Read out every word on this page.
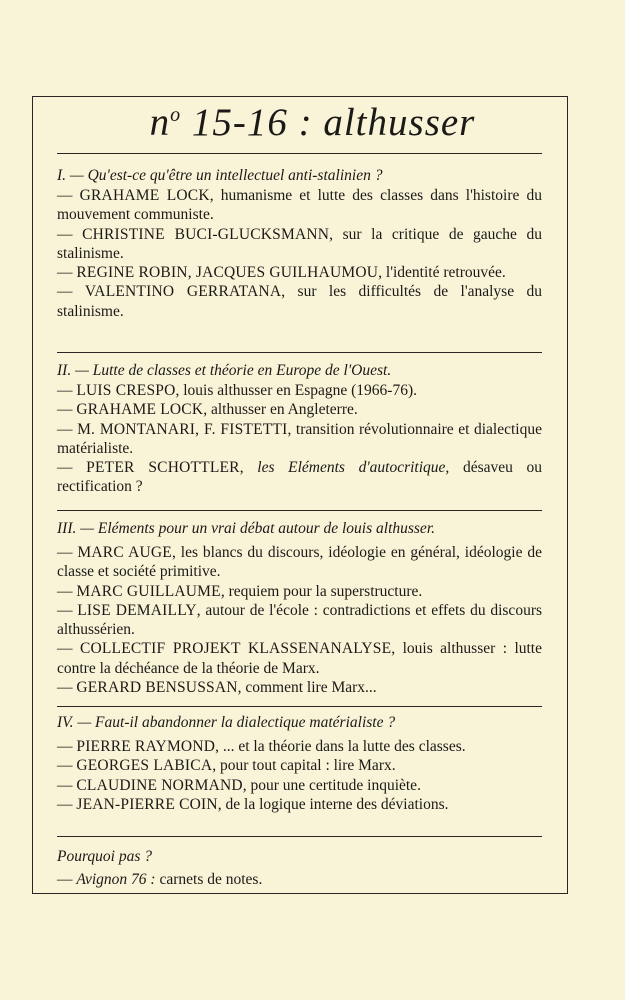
$n^o$ 15-16 : althusser

I. — Qu'est-ce qu'être un intellectuel anti-stalinien ?

— GRAHAME LOCK, humanisme et lutte des classes dans l'histoire du mouvement communiste.

— CHRISTINE BUCI-GLUCKSMANN, sur la critique de gauche du stalinisme.

— REGINE ROBIN, JACQUES GUILHAUMOU, l'identité retrouvée.

— VALENTINO GERRATANA, sur les difficultés de l'analyse du stalinisme.

II. — Lutte de classes et théorie en Europe de l'Ouest.

— LUIS CRESPO, louis althusser en Espagne (1966-76).

— GRAHAME LOCK, althusser en Angleterre.

— M. MONTANARI, F. FISTETTI, transition révolutionnaire et dialectique matérialiste.

— PETER SCHOTTLER, les Eléments d'autocritique, désaveu ou rectification ?

III. — Eléments pour un vrai débat autour de louis althusser.

— MARC AUGE, les blancs du discours, idéologie en général, idéologie de classe et société primitive.

— MARC GUILLAUME, requiem pour la superstructure.

— LISE DEMAILLY, autour de l'école : contradictions et effets du discours althussérien.

— COLLECTIF PROJEKT KLASSENANALYSE, louis althusser : lutte contre la déchéance de la théorie de Marx.

— GERARD BENSUSSAN, comment lire Marx...

IV. — Faut-il abandonner la dialectique matérialiste ?

— PIERRE RAYMOND, ... et la théorie dans la lutte des classes.

— GEORGES LABICA, pour tout capital : lire Marx.

— CLAUDINE NORMAND, pour une certitude inquiète.

— JEAN-PIERRE COIN, de la logique interne des déviations.

Pourquoi pas ?

— Avignon 76 : carnets de notes.
